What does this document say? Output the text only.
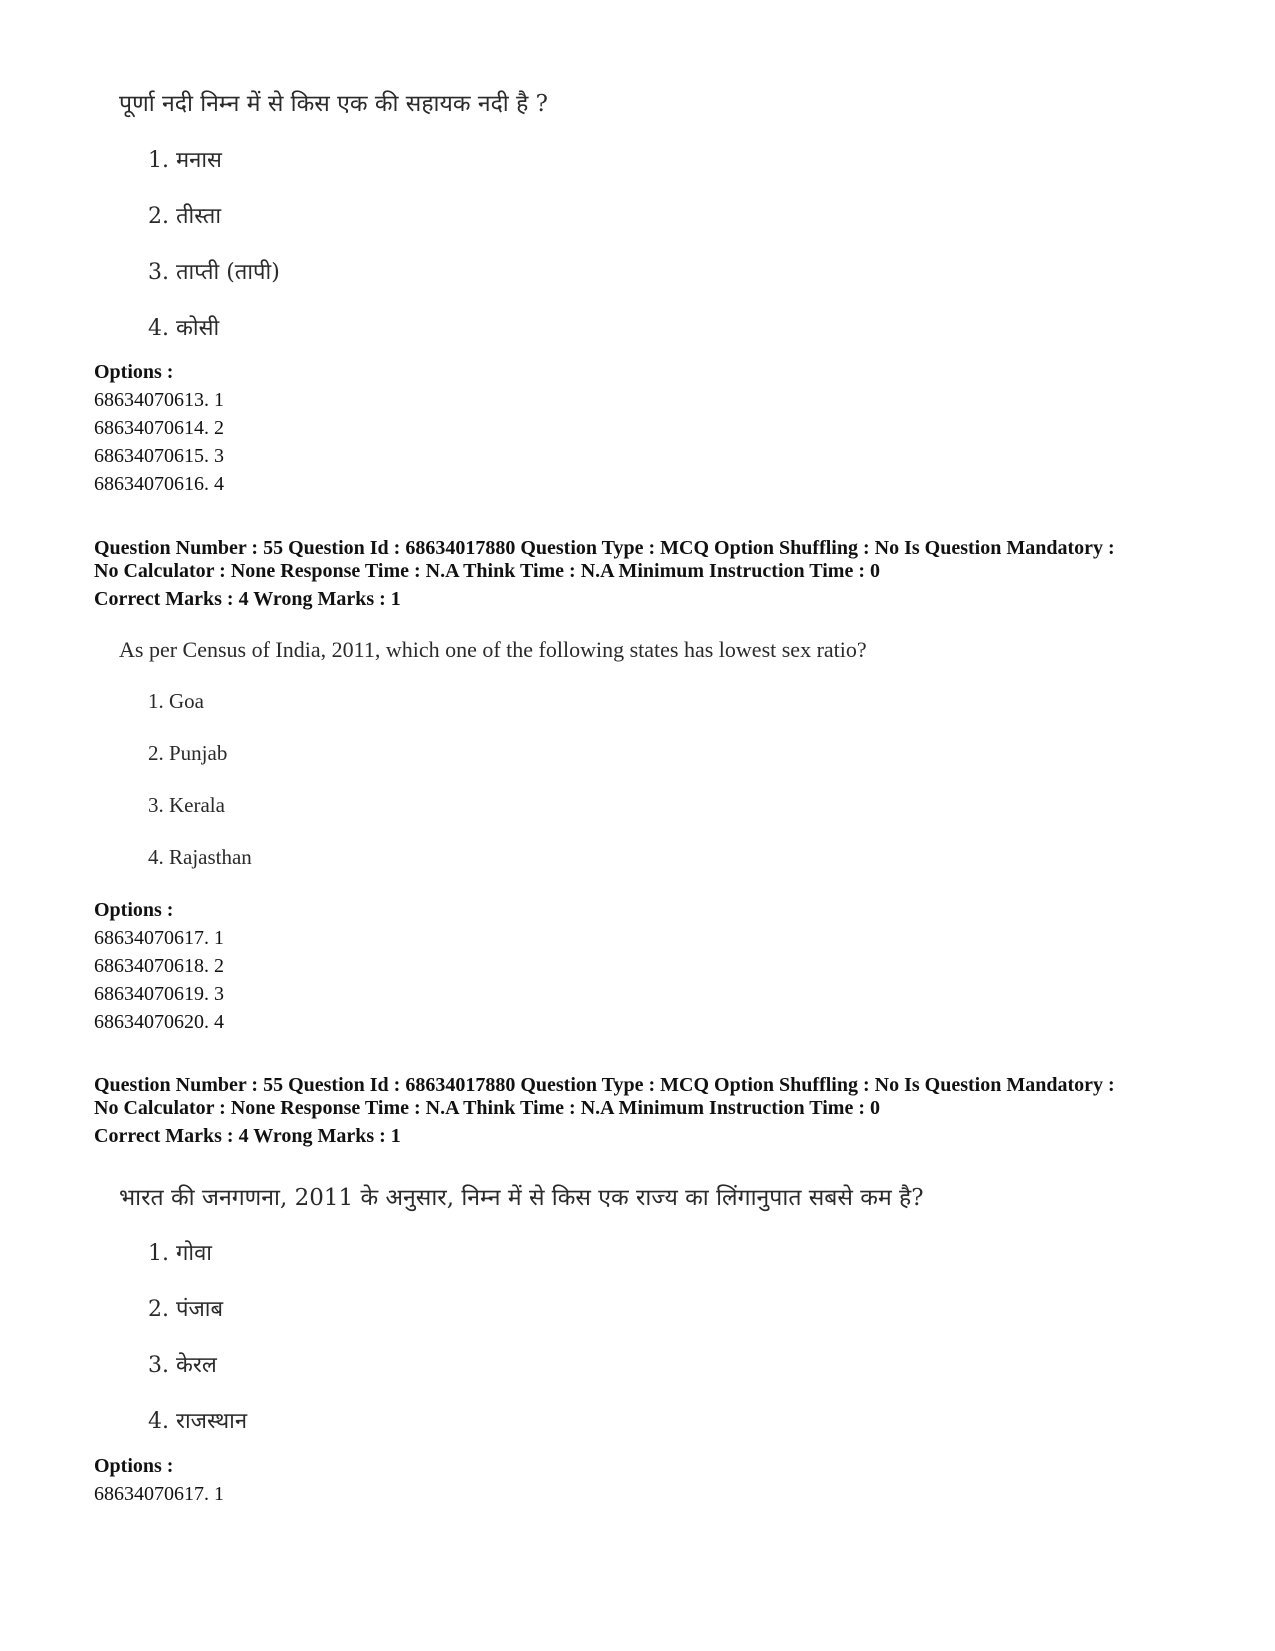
पूर्णा नदी निम्न में से किस एक की सहायक नदी है ?
1. मनास
2. तीस्ता
3. ताप्ती (तापी)
4. कोसी
Options :
68634070613. 1
68634070614. 2
68634070615. 3
68634070616. 4
Question Number : 55 Question Id : 68634017880 Question Type : MCQ Option Shuffling : No Is Question Mandatory :
No Calculator : None Response Time : N.A Think Time : N.A Minimum Instruction Time : 0
Correct Marks : 4 Wrong Marks : 1
As per Census of India, 2011, which one of the following states has lowest sex ratio?
1. Goa
2. Punjab
3. Kerala
4. Rajasthan
Options :
68634070617. 1
68634070618. 2
68634070619. 3
68634070620. 4
Question Number : 55 Question Id : 68634017880 Question Type : MCQ Option Shuffling : No Is Question Mandatory :
No Calculator : None Response Time : N.A Think Time : N.A Minimum Instruction Time : 0
Correct Marks : 4 Wrong Marks : 1
भारत की जनगणना, 2011 के अनुसार, निम्न में से किस एक राज्य का लिंगानुपात सबसे कम है?
1. गोवा
2. पंजाब
3. केरल
4. राजस्थान
Options :
68634070617. 1
